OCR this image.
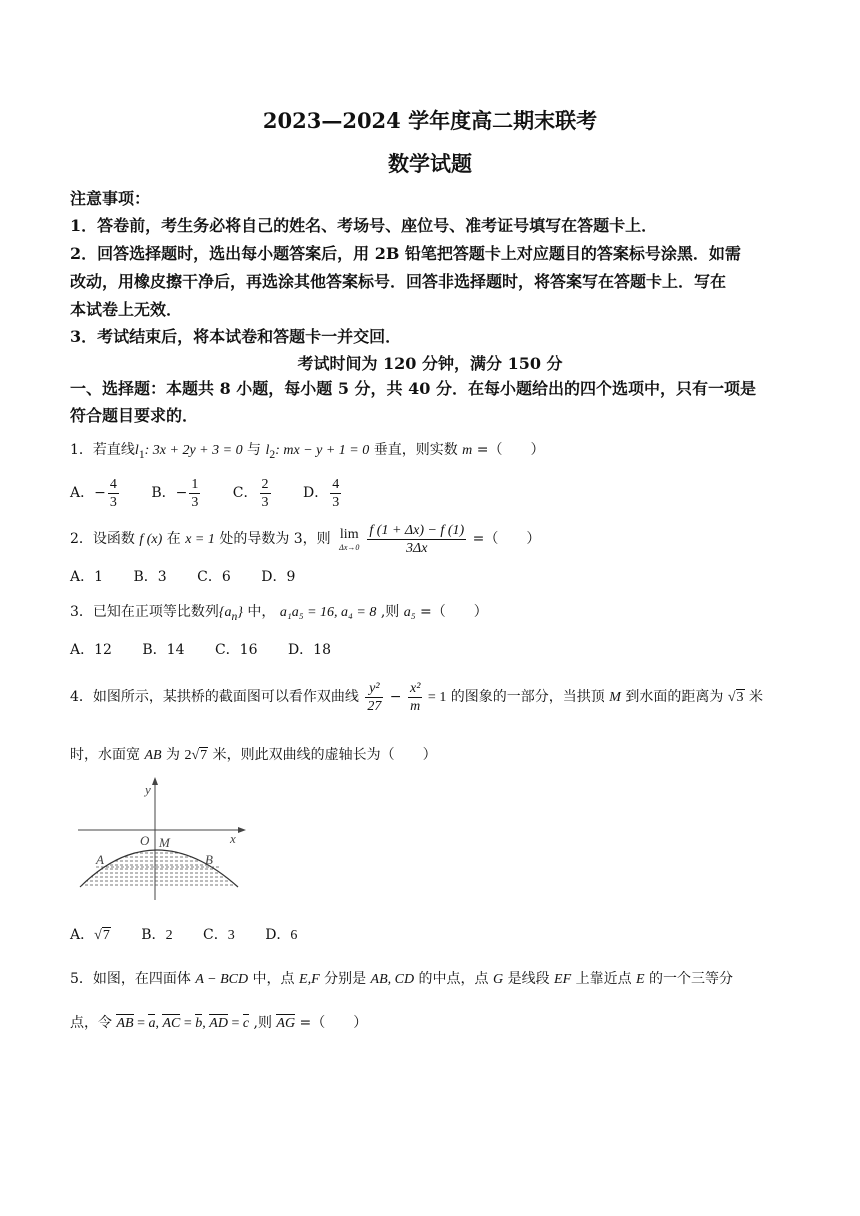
2023—2024 学年度高二期末联考
数学试题
注意事项：
1．答卷前，考生务必将自己的姓名、考场号、座位号、准考证号填写在答题卡上．
2．回答选择题时，选出每小题答案后，用 2B 铅笔把答题卡上对应题目的答案标号涂黑．如需
改动，用橡皮擦干净后，再选涂其他答案标号．回答非选择题时，将答案写在答题卡上．写在
本试卷上无效．
3．考试结束后，将本试卷和答题卡一并交回．
考试时间为 120 分钟，满分 150 分
一、选择题：本题共 8 小题，每小题 5 分，共 40 分．在每小题给出的四个选项中，只有一项是
符合题目要求的．
1．若直线$l_1$: 3x + 2y + 3 = 0 与 $l_2$: mx − y + 1 = 0 垂直，则实数 m =（　　）
A．− $\frac{4}{3}$ B．− $\frac{1}{3}$ C． $\frac{2}{3}$ D． $\frac{4}{3}$
2．设函数 f (x) 在 x = 1 处的导数为 3，则 lim
$\Delta x\to 0 \frac{f (1 + \Delta x) - f (1)}{3\Delta x}$ =（　　）
A．1 B．3 C．6 D．9
3．已知在正项等比数列$\{a_n\}$ 中， a₁a₅ = 16, a₄ = 8 ,则 a₅ =（　　）
A．12 B．14 C．16 D．18
4．如图所示，某拱桥的截面图可以看作双曲线 $\frac{\text{y²}}{27} - \frac{\text{x²}}{m} = 1$ 的图象的一部分，当拱顶 M 到水面的距离为 √3 米
时，水面宽 AB 为 2√7 米，则此双曲线的虚轴长为（　　）
y
x
O M
A	B
A．√7 B．2 C．3 D．6
5．如图，在四面体 A − BCD 中，点 E,F 分别是 AB, CD 的中点，点 G 是线段 EF 上靠近点 E 的一个三等分
点，令 AB = a, AC = b, AD = c ,则 AG =（　　）
